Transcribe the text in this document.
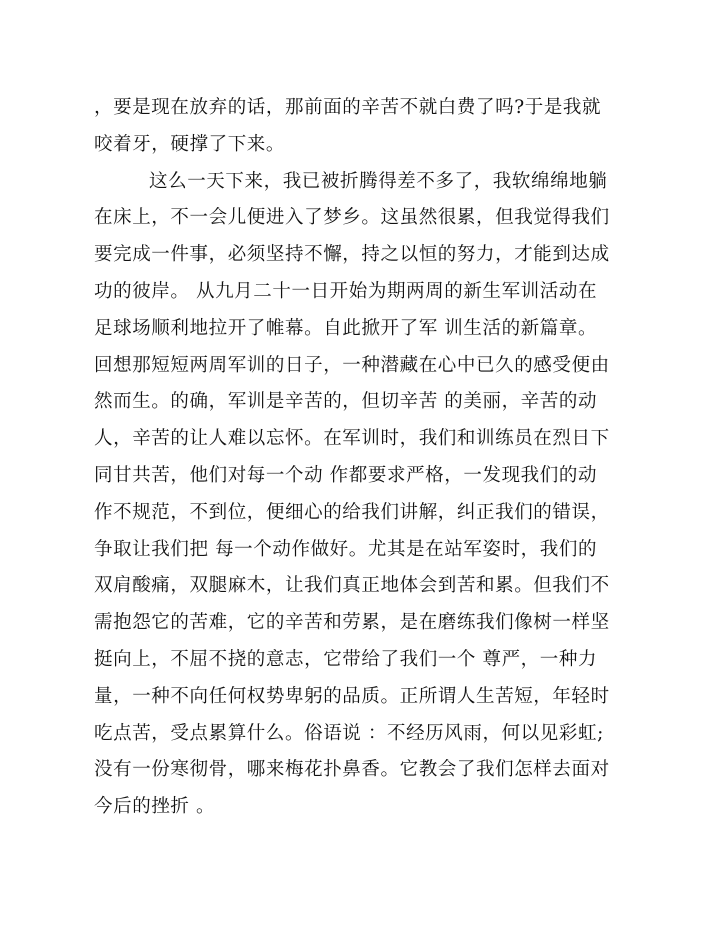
，要是现在放弃的话，那前面的辛苦不就白费了吗?于是我就
咬着牙，硬撑了下来。
这么一天下来，我已被折腾得差不多了，我软绵绵地躺
在床上，不一会儿便进入了梦乡。这虽然很累，但我觉得我们
要完成一件事，必须坚持不懈，持之以恒的努力，才能到达成
功的彼岸。 从九月二十一日开始为期两周的新生军训活动在
足球场顺利地拉开了帷幕。自此掀开了军 训生活的新篇章。
回想那短短两周军训的日子，一种潜藏在心中已久的感受便由
然而生。的确，军训是辛苦的，但切辛苦 的美丽，辛苦的动
人，辛苦的让人难以忘怀。在军训时，我们和训练员在烈日下
同甘共苦，他们对每一个动 作都要求严格，一发现我们的动
作不规范，不到位，便细心的给我们讲解，纠正我们的错误，
争取让我们把 每一个动作做好。尤其是在站军姿时，我们的
双肩酸痛，双腿麻木，让我们真正地体会到苦和累。但我们不
需抱怨它的苦难，它的辛苦和劳累，是在磨练我们像树一样坚
挺向上，不屈不挠的意志，它带给了我们一个 尊严，一种力
量，一种不向任何权势卑躬的品质。正所谓人生苦短，年轻时
吃点苦，受点累算什么。俗语说 ：不经历风雨，何以见彩虹;
没有一份寒彻骨，哪来梅花扑鼻香。它教会了我们怎样去面对
今后的挫折 。
